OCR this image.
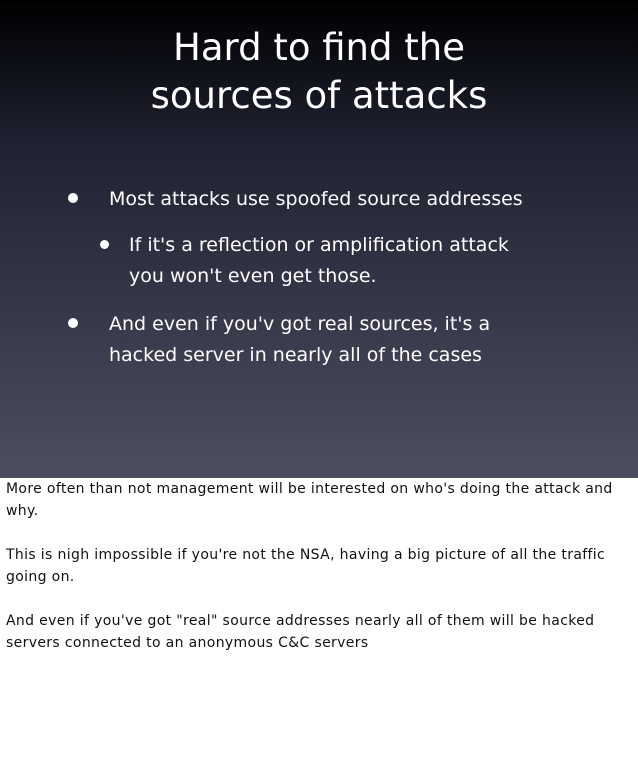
Hard to find the
sources of attacks
Most attacks use spoofed source addresses
If it's a reflection or amplification attack
you won't even get those.
And even if you'v got real sources, it's a
hacked server in nearly all of the cases

More often than not management will be interested on who's doing the attack and why.

This is nigh impossible if you're not the NSA, having a big picture of all the traffic going on.

And even if you've got "real" source addresses nearly all of them will be hacked servers connected to an anonymous C&C servers
